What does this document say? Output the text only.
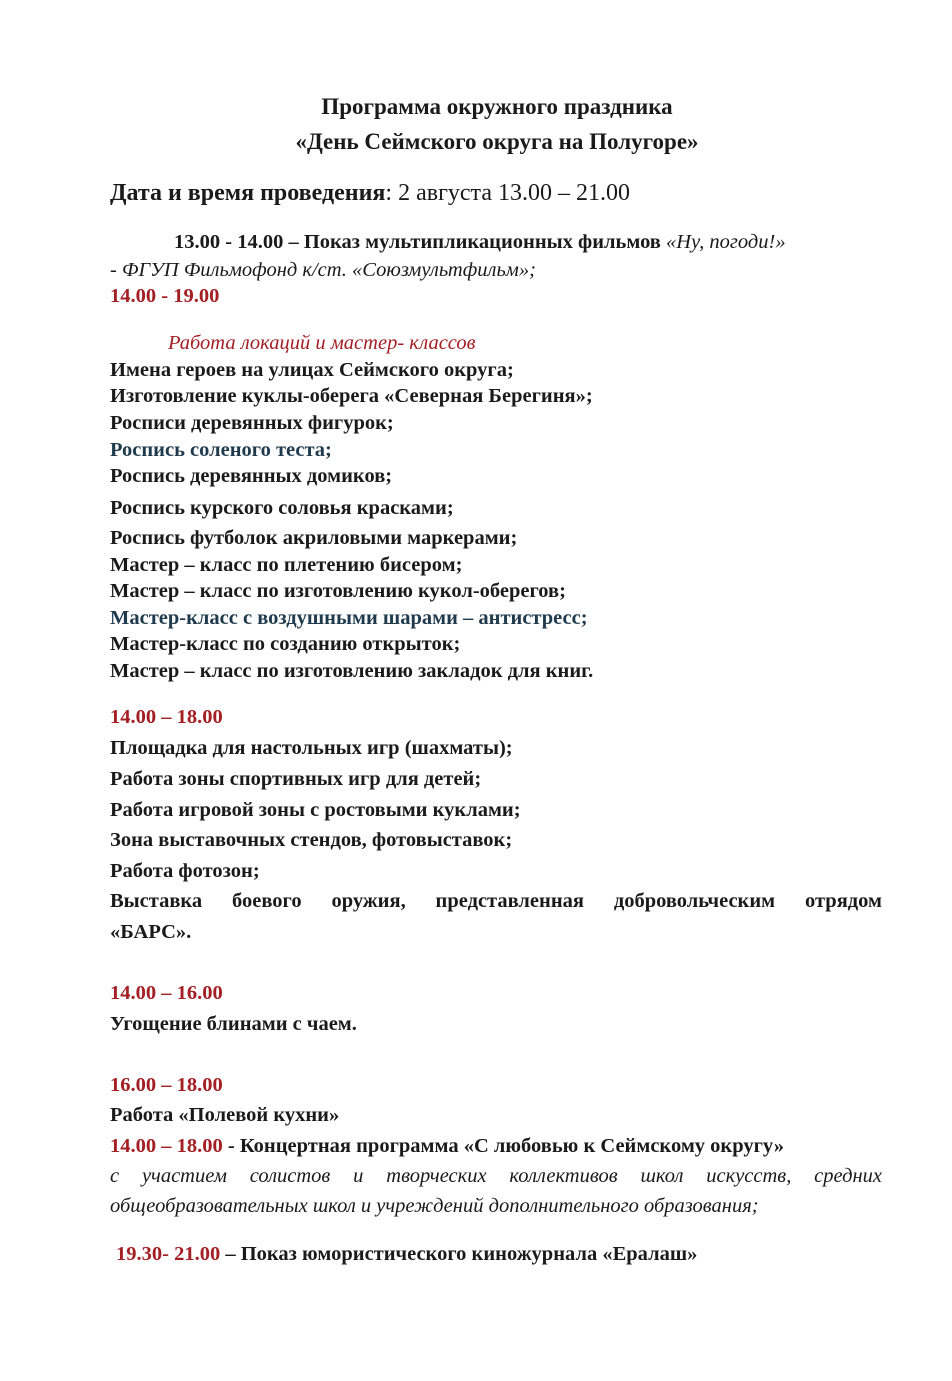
Программа окружного праздника

«День Сеймского округа на Полугоре»

Дата и время проведения: 2 августа 13.00 – 21.00

13.00 - 14.00 – Показ мультипликационных фильмов «Ну, погоди!»

- ФГУП Фильмофонд к/ст. «Союзмультфильм»;

14.00 - 19.00

Работа локаций и мастер- классов

Имена героев на улицах Сеймского округа;

Изготовление куклы-оберега «Северная Берегиня»;

Росписи деревянных фигурок;

Роспись соленого теста;

Роспись деревянных домиков;

Роспись курского соловья красками;

Роспись футболок акриловыми маркерами;

Мастер – класс по плетению бисером;

Мастер – класс по изготовлению кукол-оберегов;

Мастер-класс с воздушными шарами – антистресс;

Мастер-класс по созданию открыток;

Мастер – класс по изготовлению закладок для книг.

14.00 – 18.00

Площадка для настольных игр (шахматы);

Работа зоны спортивных игр для детей;

Работа игровой зоны с ростовыми куклами;

Зона выставочных стендов, фотовыставок;

Работа фотозон;

Выставка боевого оружия, представленная добровольческим отрядом

«БАРС».

14.00 – 16.00

Угощение блинами с чаем.

16.00 – 18.00

Работа «Полевой кухни»

14.00 – 18.00 - Концертная программа «С любовью к Сеймскому округу»

с участием солистов и творческих коллективов школ искусств, средних

общеобразовательных школ и учреждений дополнительного образования;

19.30- 21.00 – Показ юмористического киножурнала «Ералаш»
